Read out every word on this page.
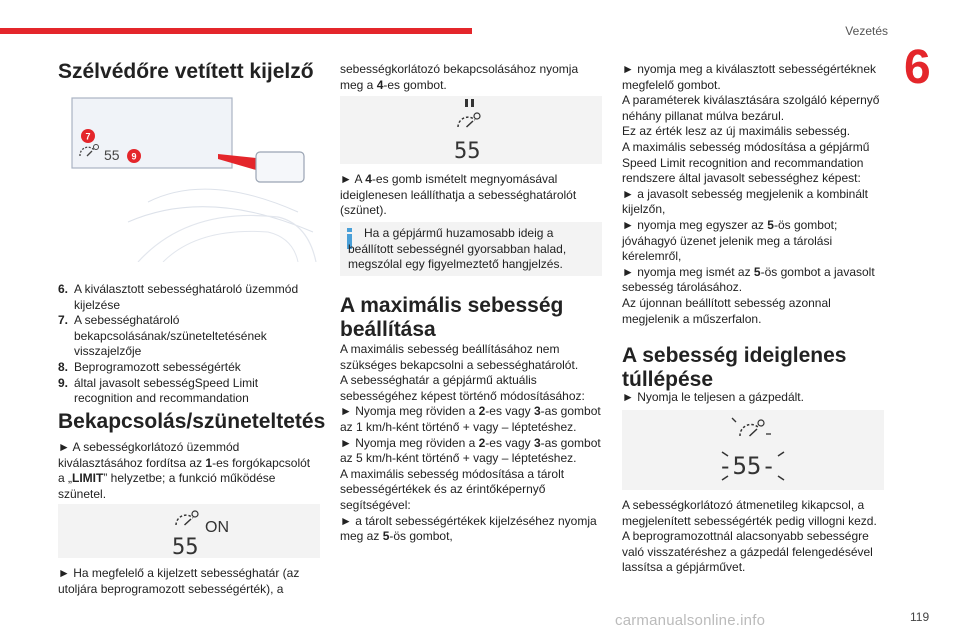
Vezetés
6
Szélvédőre vetített kijelző
7
55 9
6. A kiválasztott sebességhatároló üzemmód kijelzése
7. A sebességhatároló bekapcsolásának/szüneteltetésének visszajelzője
8. Beprogramozott sebességérték
9. által javasolt sebességSpeed Limit recognition and recommandation
Bekapcsolás/szüneteltetés

► A sebességkorlátozó üzemmód kiválasztásához fordítsa az 1-es forgókapcsolót a „LIMIT” helyzetbe; a funkció működése szünetel.

ON
55

► Ha megfelelő a kijelzett sebességhatár (az utoljára beprogramozott sebességérték), a

sebességkorlátozó bekapcsolásához nyomja meg a 4-es gombot.

55

► A 4-es gomb ismételt megnyomásával ideiglenesen leállíthatja a sebességhatárolót (szünet).

Ha a gépjármű huzamosabb ideig a beállított sebességnél gyorsabban halad, megszólal egy figyelmeztető hangjelzés.
A maximális sebesség beállítása

A maximális sebesség beállításához nem szükséges bekapcsolni a sebességhatárolót.

A sebességhatár a gépjármű aktuális sebességéhez képest történő módosításához:

► Nyomja meg röviden a 2-es vagy 3-as gombot az 1 km/h-ként történő + vagy – léptetéshez.

► Nyomja meg röviden a 2-es vagy 3-as gombot az 5 km/h-ként történő + vagy – léptetéshez.

A maximális sebesség módosítása a tárolt sebességértékek és az érintőképernyő segítségével:

► a tárolt sebességértékek kijelzéséhez nyomja meg az 5-ös gombot,

► nyomja meg a kiválasztott sebességértéknek megfelelő gombot.

A paraméterek kiválasztására szolgáló képernyő néhány pillanat múlva bezárul.

Ez az érték lesz az új maximális sebesség.

A maximális sebesség módosítása a gépjármű Speed Limit recognition and recommandation rendszere által javasolt sebességhez képest:

► a javasolt sebesség megjelenik a kombinált kijelzőn,

► nyomja meg egyszer az 5-ös gombot; jóváhagyó üzenet jelenik meg a tárolási kérelemről,

► nyomja meg ismét az 5-ös gombot a javasolt sebesség tárolásához.

Az újonnan beállított sebesség azonnal megjelenik a műszerfalon.

A sebesség ideiglenes túllépése

► Nyomja le teljesen a gázpedált.

-55-

A sebességkorlátozó átmenetileg kikapcsol, a megjelenített sebességérték pedig villogni kezd.

A beprogramozottnál alacsonyabb sebességre való visszatéréshez a gázpedál felengedésével lassítsa a gépjárművet.

carmanualsonline.info	119
